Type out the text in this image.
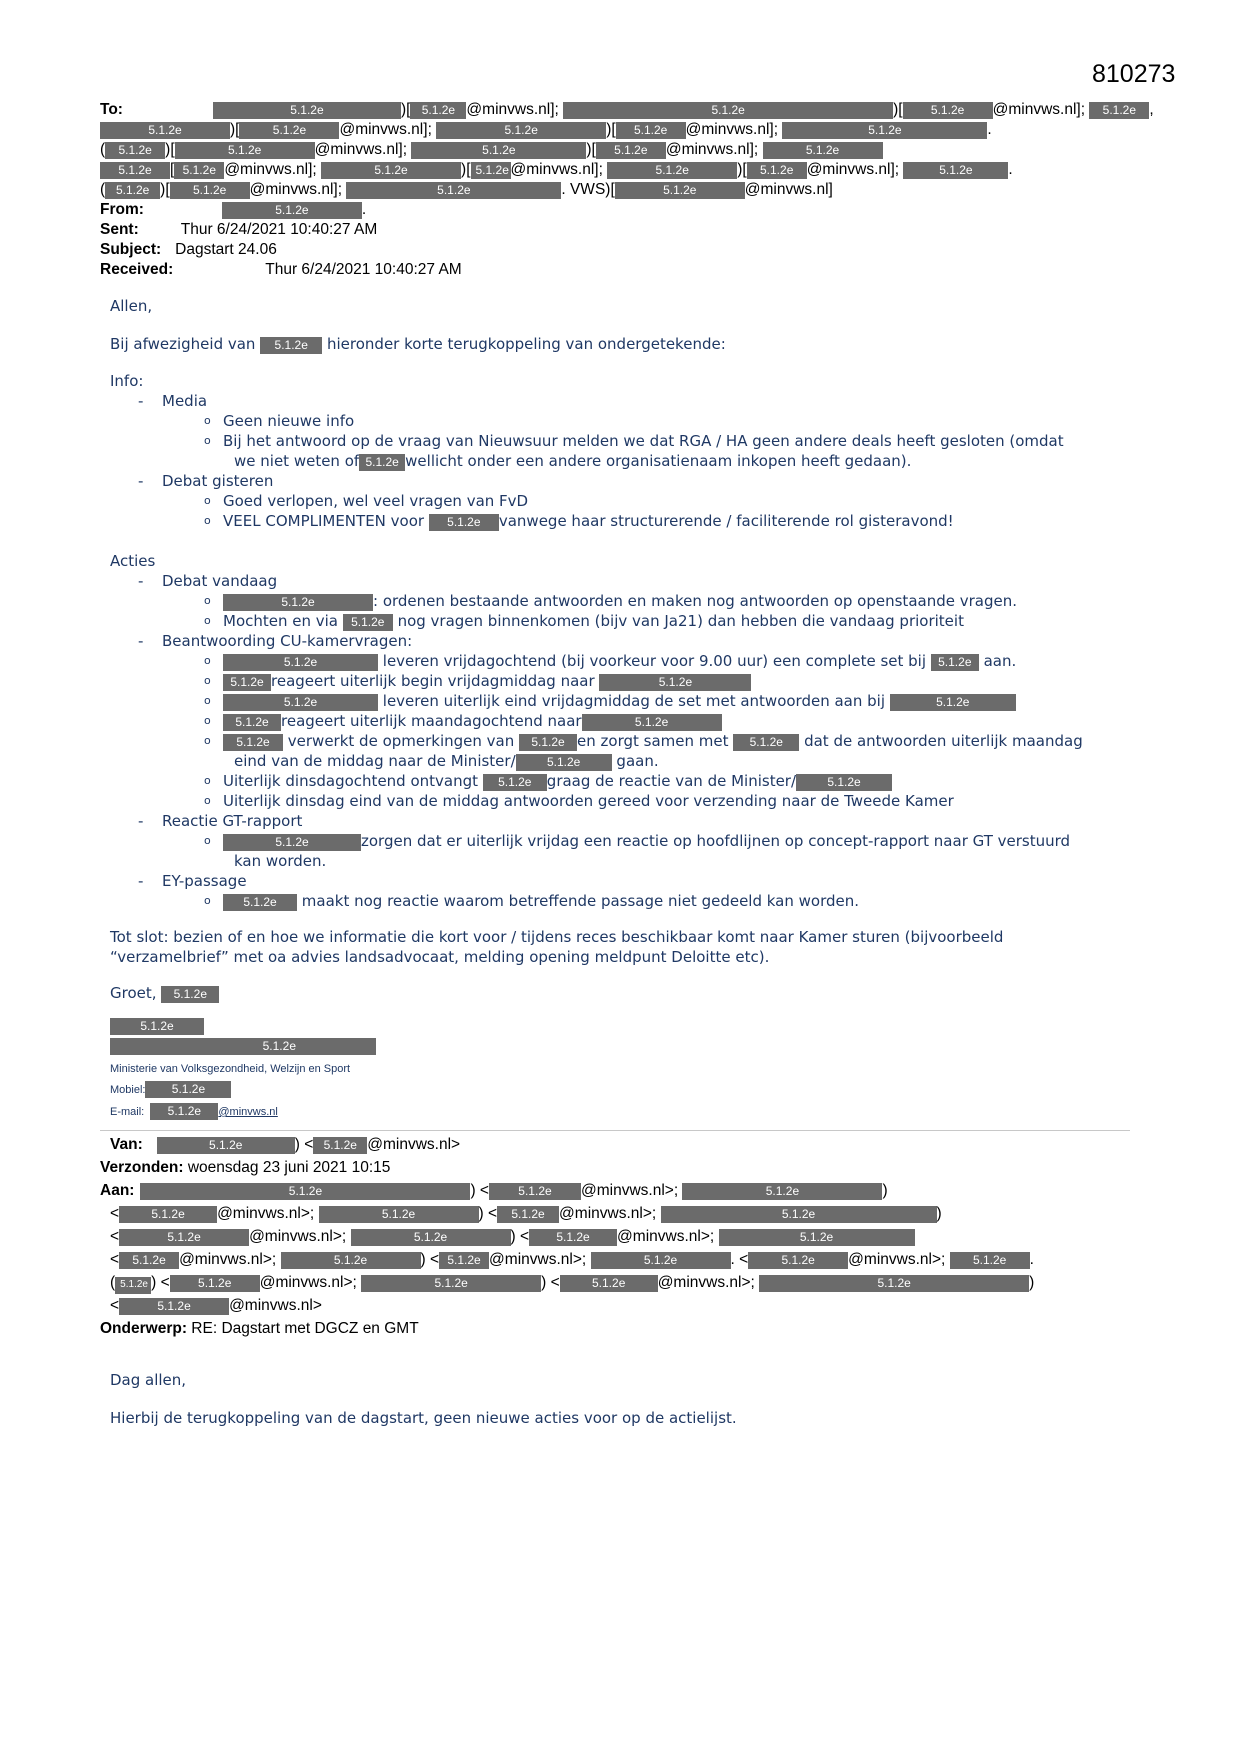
810273
To:	5.1.2e	)[ 5.1.2e @minvws.nl];	5.1.2e	)[ 5.1.2e @minvws.nl]; 5.1.2e ,
5.1.2e	)[	5.1.2e @minvws.nl];	5.1.2e	)[ 5.1.2e @minvws.nl];	5.1.2e	.
( 5.1.2e )[	5.1.2e	@minvws.nl];	5.1.2e	)[ 5.1.2e @minvws.nl];	5.1.2e
5.1.2e [ 5.1.2e @minvws.nl];	5.1.2e	)[ 5.1.2e @minvws.nl];	5.1.2e	)[ 5.1.2e @minvws.nl];	5.1.2e .
( 5.1.2e )[ 5.1.2e @minvws.nl];	5.1.2e	. VWS)[	5.1.2e	@minvws.nl]
From:	5.1.2e	.
Sent:	Thur 6/24/2021 10:40:27 AM
Subject: Dagstart 24.06
Received:	Thur 6/24/2021 10:40:27 AM

Allen,

Bij afwezigheid van 5.1.2e hieronder korte terugkoppeling van ondergetekende:

Info:

- Media

o Geen nieuwe info

o Bij het antwoord op de vraag van Nieuwsuur melden we dat RGA / HA geen andere deals heeft gesloten (omdat

we niet weten of 5.1.2e wellicht onder een andere organisatienaam inkopen heeft gedaan).

- Debat gisteren

o Goed verlopen, wel veel vragen van FvD

o VEEL COMPLIMENTEN voor 5.1.2e vanwege haar structurerende / faciliterende rol gisteravond!

Acties

- Debat vandaag

o	5.1.2e	: ordenen bestaande antwoorden en maken nog antwoorden op openstaande vragen.

o Mochten en via 5.1.2e nog vragen binnenkomen (bijv van Ja21) dan hebben die vandaag prioriteit

- Beantwoording CU-kamervragen:

o	5.1.2e	leveren vrijdagochtend (bij voorkeur voor 9.00 uur) een complete set bij 5.1.2e aan.

o	5.1.2e reageert uiterlijk begin vrijdagmiddag naar	5.1.2e

o	5.1.2e	leveren uiterlijk eind vrijdagmiddag de set met antwoorden aan bij	5.1.2e

o	5.1.2e reageert uiterlijk maandagochtend naar	5.1.2e

o	5.1.2e verwerkt de opmerkingen van 5.1.2e en zorgt samen met 5.1.2e dat de antwoorden uiterlijk maandag

eind van de middag naar de Minister/	5.1.2e gaan.

o Uiterlijk dinsdagochtend ontvangt 5.1.2e graag de reactie van de Minister/	5.1.2e

o Uiterlijk dinsdag eind van de middag antwoorden gereed voor verzending naar de Tweede Kamer

- Reactie GT-rapport

o	5.1.2e	zorgen dat er uiterlijk vrijdag een reactie op hoofdlijnen op concept-rapport naar GT verstuurd

kan worden.

- EY-passage

o	5.1.2e maakt nog reactie waarom betreffende passage niet gedeeld kan worden.

Tot slot: bezien of en hoe we informatie die kort voor / tijdens reces beschikbaar komt naar Kamer sturen (bijvoorbeeld

“verzamelbrief” met oa advies landsadvocaat, melding opening meldpunt Deloitte etc).

Groet, 5.1.2e

5.1.2e
5.1.2e
Ministerie van Volksgezondheid, Welzijn en Sport
Mobiel: 5.1.2e
E-mail: 5.1.2e @minvws.nl
Van:	5.1.2e	) < 5.1.2e @minvws.nl>
Verzonden: woensdag 23 juni 2021 10:15
Aan:	5.1.2e	) < 5.1.2e @minvws.nl>;	5.1.2e	)
<	5.1.2e @minvws.nl>;	5.1.2e	) < 5.1.2e @minvws.nl>;	5.1.2e	)
<	5.1.2e	@minvws.nl>;	5.1.2e	) < 5.1.2e @minvws.nl>;	5.1.2e
< 5.1.2e @minvws.nl>;	5.1.2e	) < 5.1.2e @minvws.nl>;	5.1.2e	. <	5.1.2e @minvws.nl>; 5.1.2e .
( 5.1.2e ) < 5.1.2e @minvws.nl>;	5.1.2e	) <	5.1.2e @minvws.nl>;	5.1.2e	)
<	5.1.2e @minvws.nl>
Onderwerp: RE: Dagstart met DGCZ en GMT

Dag allen,

Hierbij de terugkoppeling van de dagstart, geen nieuwe acties voor op de actielijst.
